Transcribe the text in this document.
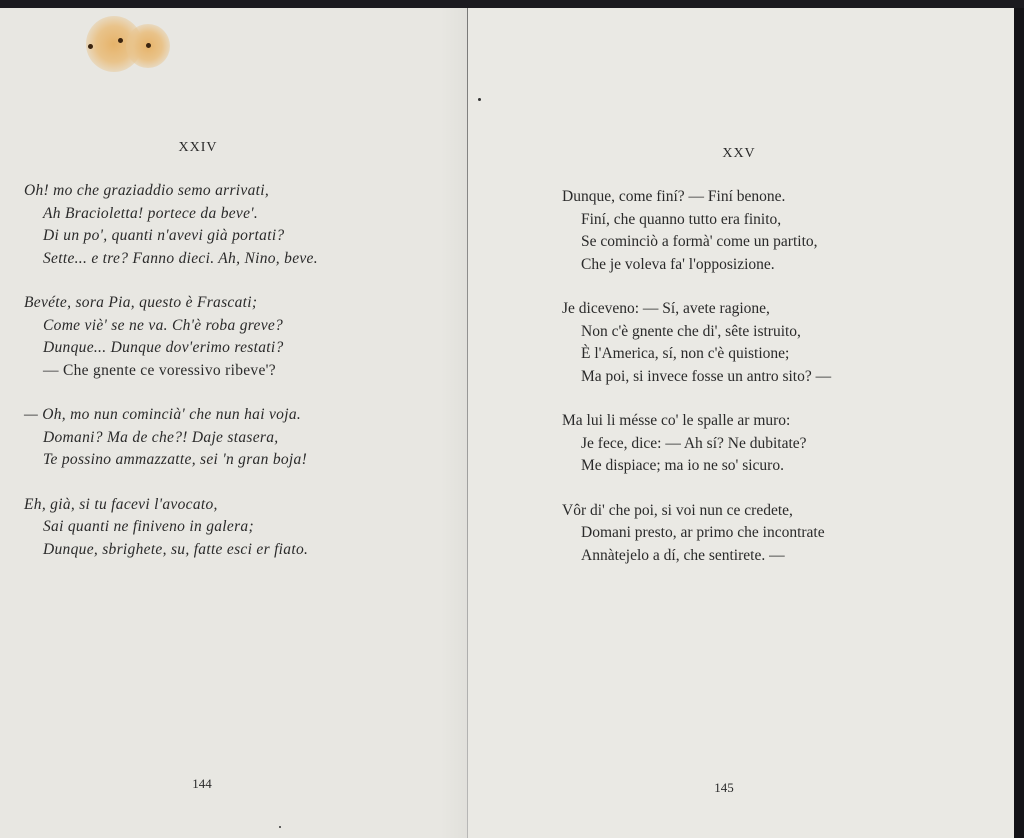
XXIV
Oh! mo che graziaddio semo arrivati,
Ah Bracioletta! portece da beve'.
Di un po', quanti n'avevi già portati?
Sette... e tre? Fanno dieci. Ah, Nino, beve.
Bevéte, sora Pia, questo è Frascati;
Come viè' se ne va. Ch'è roba greve?
Dunque... Dunque dov'erimo restati?
— Che gnente ce voressivo ribeve'?
— Oh, mo nun comincià' che nun hai voja.
Domani? Ma de che?! Daje stasera,
Te possino ammazzatte, sei 'n gran boja!
Eh, già, si tu facevi l'avocato,
Sai quanti ne finiveno in galera;
Dunque, sbrighete, su, fatte esci er fiato.
144
XXV
Dunque, come finí? — Finí benone.
Finí, che quanno tutto era finito,
Se cominciò a formà' come un partito,
Che je voleva fa' l'opposizione.
Je diceveno: — Sí, avete ragione,
Non c'è gnente che di', sête istruito,
È l'America, sí, non c'è quistione;
Ma poi, si invece fosse un antro sito? —
Ma lui li mésse co' le spalle ar muro:
Je fece, dice: — Ah sí? Ne dubitate?
Me dispiace; ma io ne so' sicuro.
Vôr di' che poi, si voi nun ce credete,
Domani presto, ar primo che incontrate
Annàtejelo a dí, che sentirete. —
145
